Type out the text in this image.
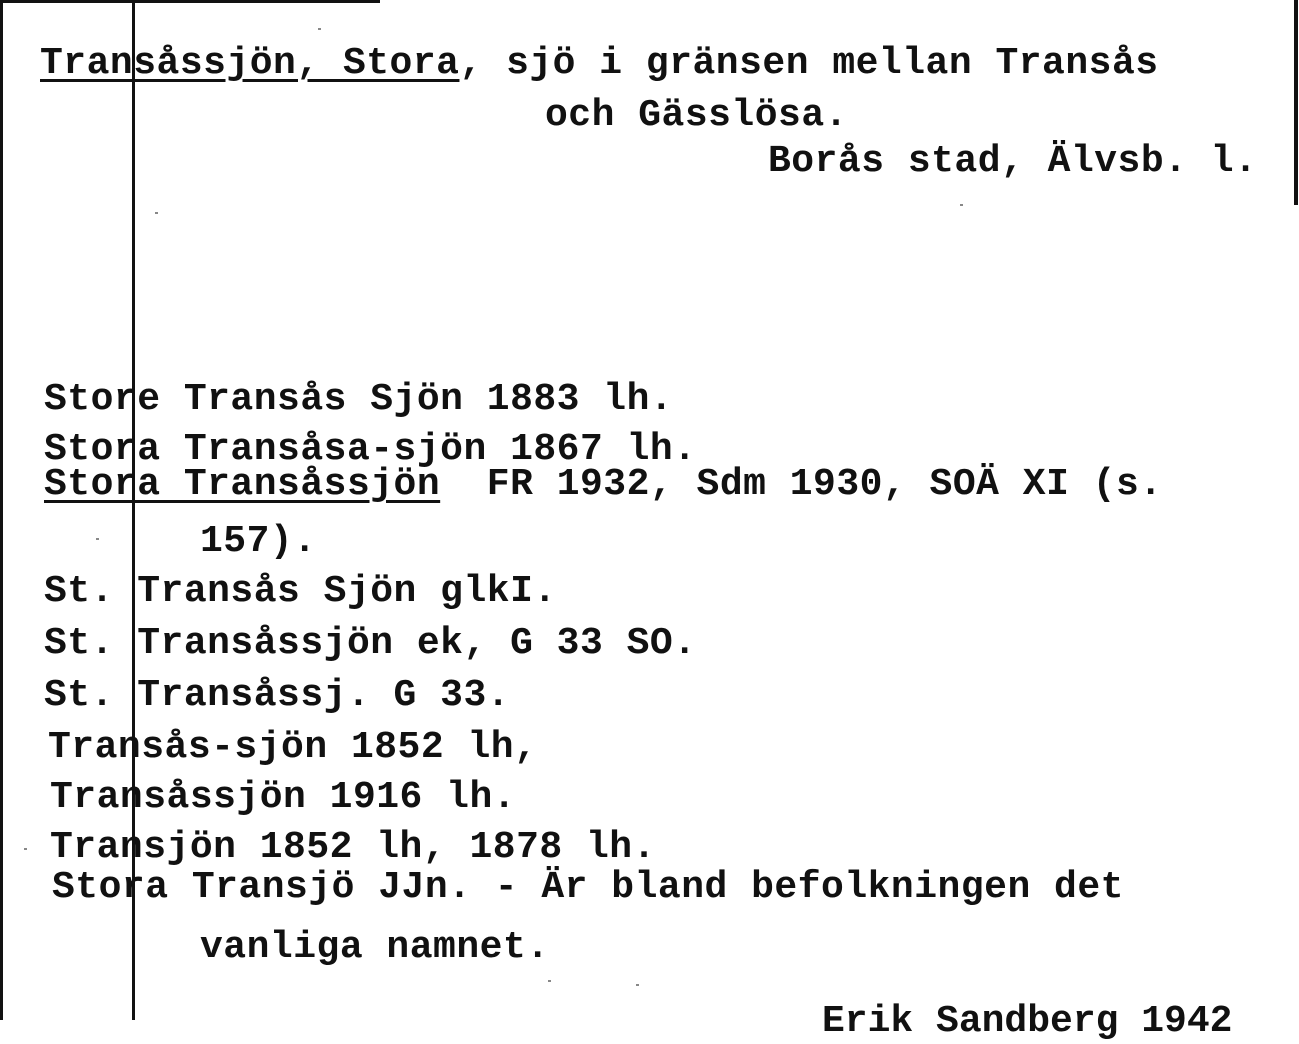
Transåssjön, Stora, sjö i gränsen mellan Transås
och Gässlösa.
Borås stad, Älvsb. l.
Store Transås Sjön 1883 lh.
Stora Transåsa-sjön 1867 lh.
Stora Transåssjön  FR 1932, Sdm 1930, SOÄ XI (s.
157).
St. Transås Sjön glkI.
St. Transåssjön ek, G 33 SO.
St. Transåssj. G 33.
Transås-sjön 1852 lh,
Transåssjön 1916 lh.
Transjön 1852 lh, 1878 lh.
Stora Transjö JJn. - Är bland befolkningen det
vanliga namnet.
Erik Sandberg 1942
